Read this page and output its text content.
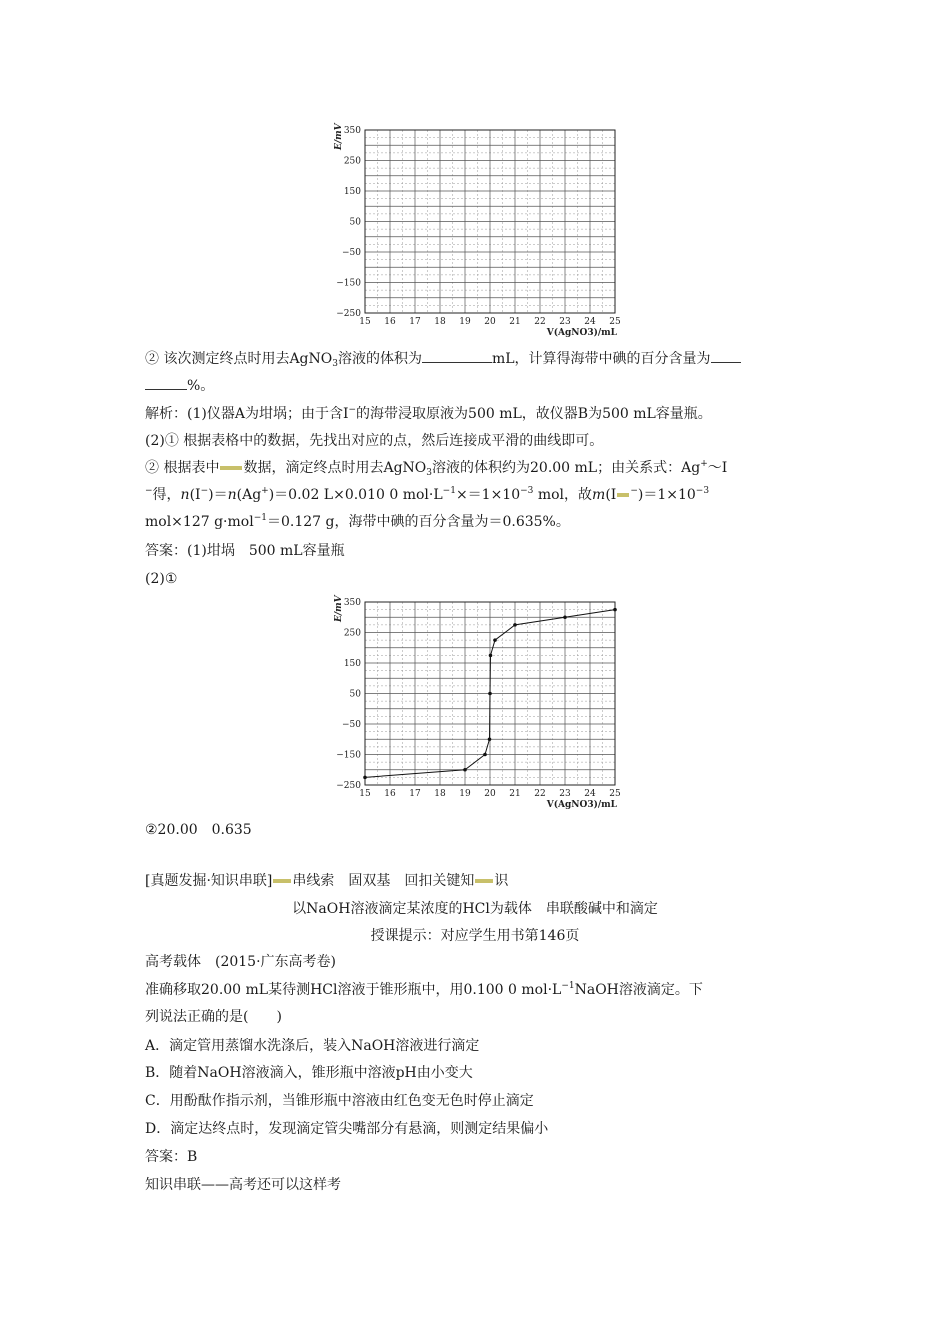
350
250
150
50
−50
−150
−250
15 16 17 18 19 20 21 22 23 24 25
E/mV
V(AgNO3)/mL
② 该次测定终点时用去AgNO$_3$溶液的体积为	mL，计算得海带中碘的百分含量为
%。
解析：(1)仪器A为坩埚；由于含I−的海带浸取原液为500 mL，故仪器B为500 mL容量瓶。
(2)① 根据表格中的数据，先找出对应的点，然后连接成平滑的曲线即可。
② 根据表中 数据，滴定终点时用去AgNO$_3$溶液的体积约为20.00 mL；由关系式：Ag+～I
−得，n(I−)＝n(Ag+)＝0.02 L×0.010 0 $mol\cdot L^{-1}\times=1\times 10^{-3}$ mol，故m(I $^-)=1\times 10^{-3}$
mol×127 g·mol$^{-1}$＝0.127 g，海带中碘的百分含量为＝0.635%。
答案：(1)坩埚　500 mL容量瓶
(2)①
350
250
150
50
−50
−150
−250
15 16 17 18 19 20 21 22 23 24 25
E/mV
V(AgNO3)/mL
②20.00　0.635
[真题发掘·知识串联] 串线索　固双基　回扣关键知 识
以NaOH溶液滴定某浓度的HCl为载体　串联酸碱中和滴定
授课提示：对应学生用书第146页
高考载体　(2015·广东高考卷)
准确移取20.00 mL某待测HCl溶液于锥形瓶中，用0.100 0 $mol\cdot L^{-1}NaOH$溶液滴定。下
列说法正确的是(　　)
A．滴定管用蒸馏水洗涤后，装入NaOH溶液进行滴定
B．随着NaOH溶液滴入，锥形瓶中溶液pH由小变大
C．用酚酞作指示剂，当锥形瓶中溶液由红色变无色时停止滴定
D．滴定达终点时，发现滴定管尖嘴部分有悬滴，则测定结果偏小
答案：B
知识串联——高考还可以这样考
